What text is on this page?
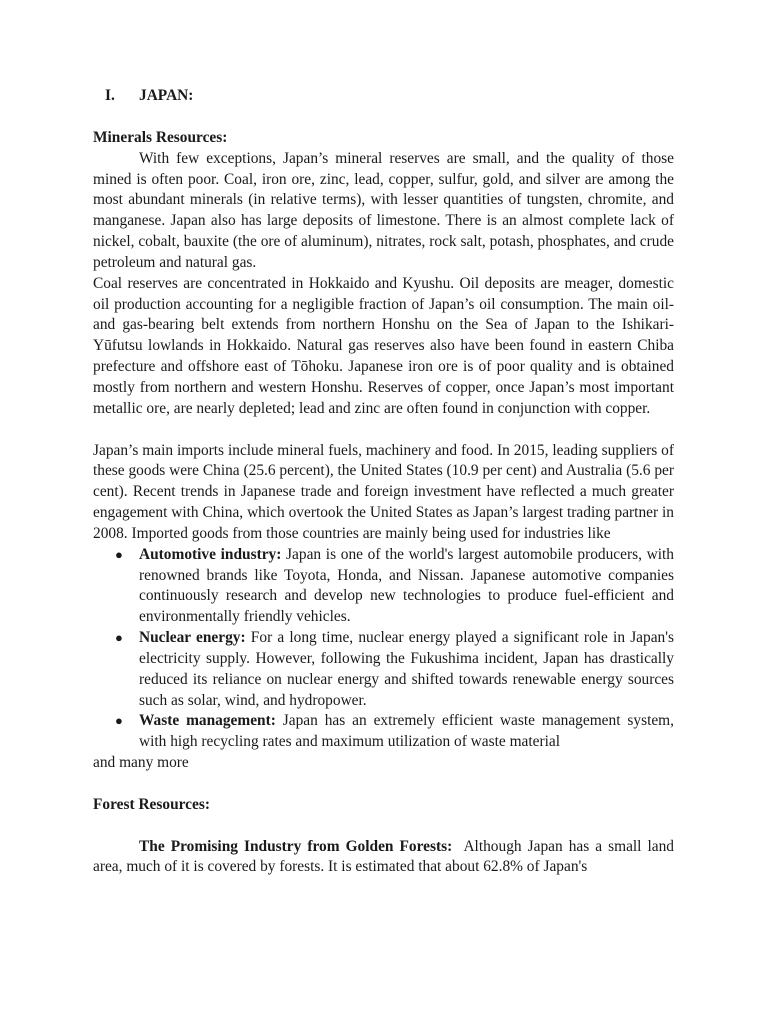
I. JAPAN:
Minerals Resources:

With few exceptions, Japan’s mineral reserves are small, and the quality of those mined is often poor. Coal, iron ore, zinc, lead, copper, sulfur, gold, and silver are among the most abundant minerals (in relative terms), with lesser quantities of tungsten, chromite, and manganese. Japan also has large deposits of limestone. There is an almost complete lack of nickel, cobalt, bauxite (the ore of aluminum), nitrates, rock salt, potash, phosphates, and crude petroleum and natural gas.

Coal reserves are concentrated in Hokkaido and Kyushu. Oil deposits are meager, domestic oil production accounting for a negligible fraction of Japan’s oil consumption. The main oil- and gas-bearing belt extends from northern Honshu on the Sea of Japan to the Ishikari-Yūfutsu lowlands in Hokkaido. Natural gas reserves also have been found in eastern Chiba prefecture and offshore east of Tōhoku. Japanese iron ore is of poor quality and is obtained mostly from northern and western Honshu. Reserves of copper, once Japan’s most important metallic ore, are nearly depleted; lead and zinc are often found in conjunction with copper.

Japan’s main imports include mineral fuels, machinery and food. In 2015, leading suppliers of these goods were China (25.6 percent), the United States (10.9 per cent) and Australia (5.6 per cent). Recent trends in Japanese trade and foreign investment have reflected a much greater engagement with China, which overtook the United States as Japan’s largest trading partner in 2008. Imported goods from those countries are mainly being used for industries like

● Automotive industry: Japan is one of the world's largest automobile producers, with renowned brands like Toyota, Honda, and Nissan. Japanese automotive companies continuously research and develop new technologies to produce fuel-efficient and environmentally friendly vehicles.
● Nuclear energy: For a long time, nuclear energy played a significant role in Japan's electricity supply. However, following the Fukushima incident, Japan has drastically reduced its reliance on nuclear energy and shifted towards renewable energy sources such as solar, wind, and hydropower.
● Waste management: Japan has an extremely efficient waste management system, with high recycling rates and maximum utilization of waste material
and many more
Forest Resources:

The Promising Industry from Golden Forests:  Although Japan has a small land area, much of it is covered by forests. It is estimated that about 62.8% of Japan's
